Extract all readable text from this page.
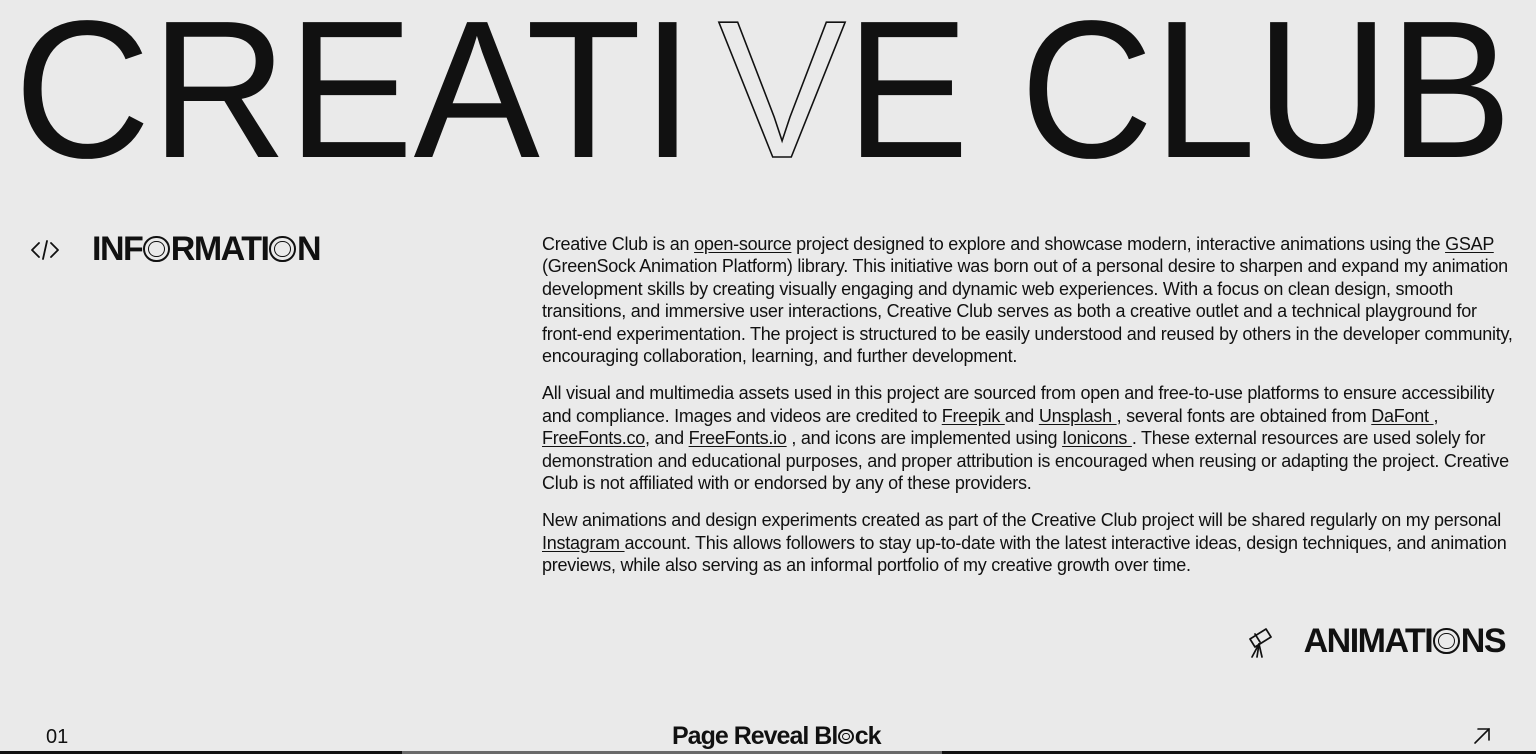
CREATI V E CLUB
INF RMATI N	Creative Club is an open-source project designed to explore and showcase modern, interactive animations using the GSAP (GreenSock Animation Platform) library. This initiative was born out of a personal desire to sharpen and expand my animation development skills by creating visually engaging and dynamic web experiences. With a focus on clean design, smooth transitions, and immersive user interactions, Creative Club serves as both a creative outlet and a technical playground for front-end experimentation. The project is structured to be easily understood and reused by others in the developer community, encouraging collaboration, learning, and further development.

All visual and multimedia assets used in this project are sourced from open and free-to-use platforms to ensure accessibility and compliance. Images and videos are credited to Freepik and Unsplash , several fonts are obtained from DaFont , FreeFonts.co, and FreeFonts.io , and icons are implemented using Ionicons . These external resources are used solely for demonstration and educational purposes, and proper attribution is encouraged when reusing or adapting the project. Creative Club is not affiliated with or endorsed by any of these providers.

New animations and design experiments created as part of the Creative Club project will be shared regularly on my personal Instagram account. This allows followers to stay up-to-date with the latest interactive ideas, design techniques, and animation previews, while also serving as an informal portfolio of my creative growth over time.

ANIMATI NS
01	Page Reveal Bl ck
